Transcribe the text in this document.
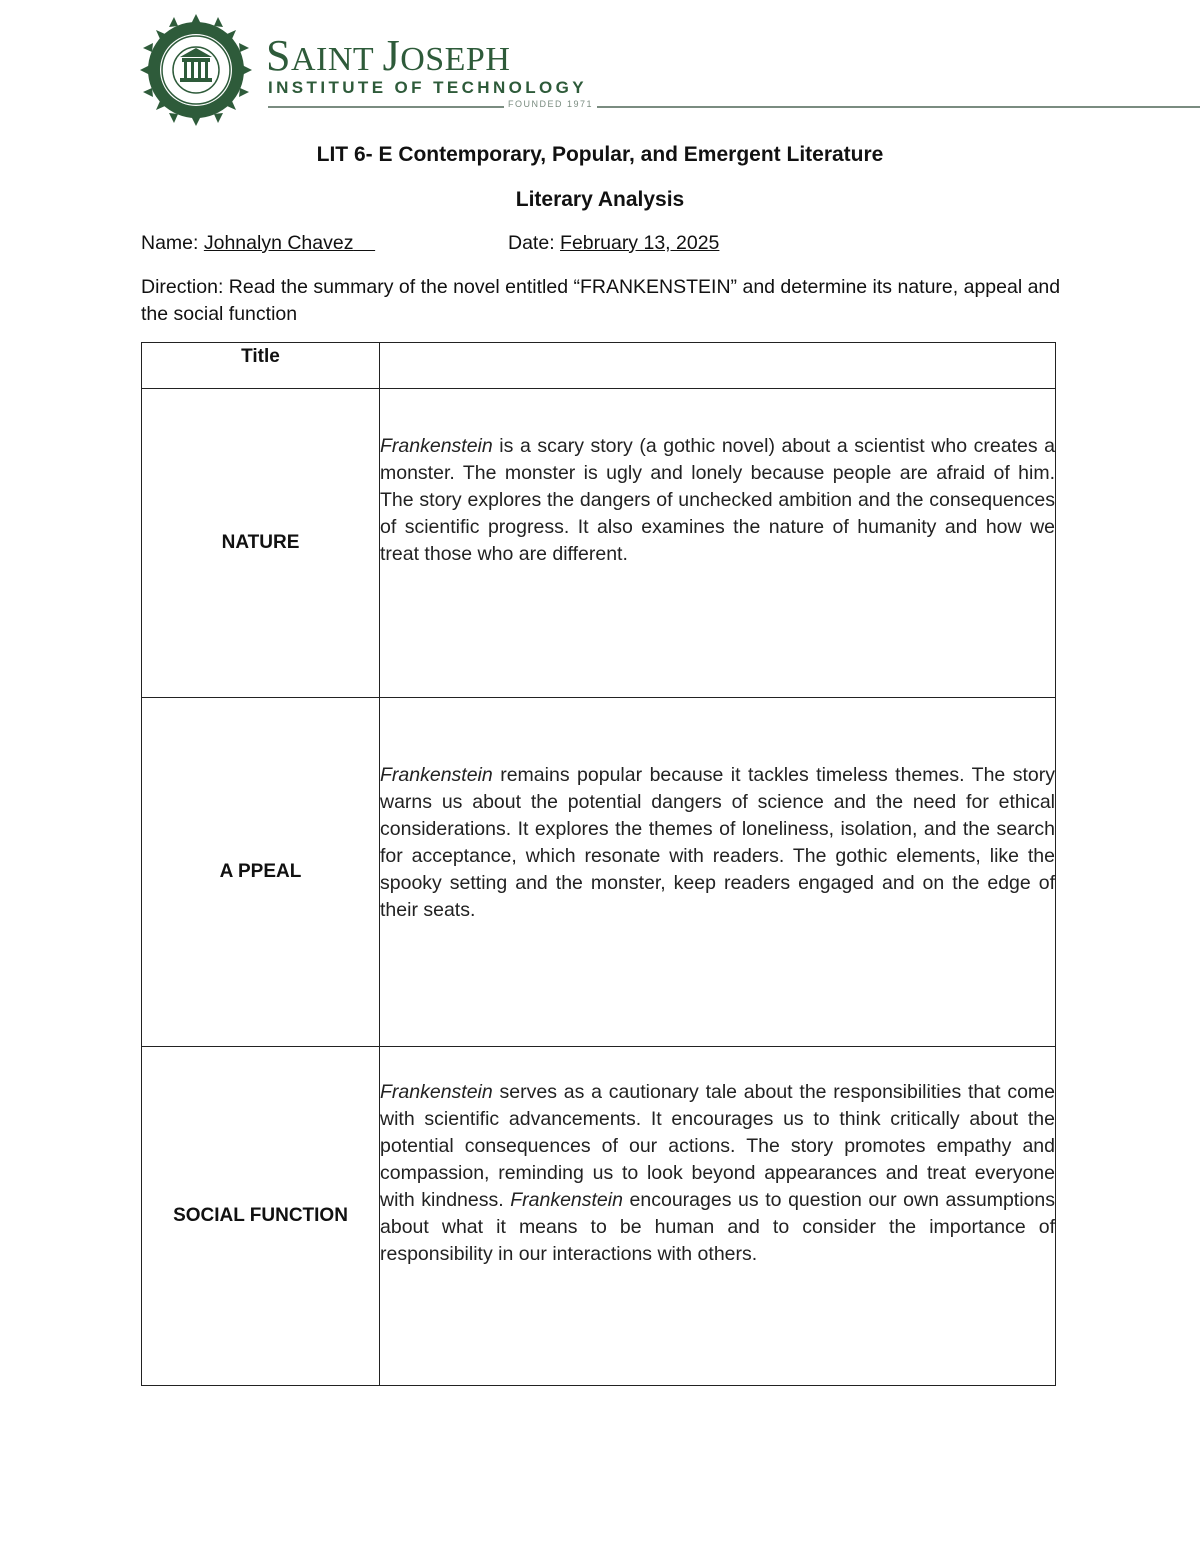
SAINT JOSEPH
INSTITUTE OF TECHNOLOGY
FOUNDED 1971
LIT 6- E Contemporary, Popular, and Emergent Literature
Literary Analysis
Name: Johnalyn Chavez	Date: February 13, 2025
Direction: Read the summary of the novel entitled “FRANKENSTEIN” and determine its nature, appeal and the social function
Title	
NATURE	Frankenstein is a scary story (a gothic novel) about a scientist who creates a monster. The monster is ugly and lonely because people are afraid of him. The story explores the dangers of unchecked ambition and the consequences of scientific progress. It also examines the nature of humanity and how we treat those who are different.

A PPEAL	Frankenstein remains popular because it tackles timeless themes. The story warns us about the potential dangers of science and the need for ethical considerations. It explores the themes of loneliness, isolation, and the search for acceptance, which resonate with readers. The gothic elements, like the spooky setting and the monster, keep readers engaged and on the edge of their seats.

SOCIAL FUNCTION	Frankenstein serves as a cautionary tale about the responsibilities that come with scientific advancements. It encourages us to think critically about the potential consequences of our actions. The story promotes empathy and compassion, reminding us to look beyond appearances and treat everyone with kindness. Frankenstein encourages us to question our own assumptions about what it means to be human and to consider the importance of responsibility in our interactions with others.
